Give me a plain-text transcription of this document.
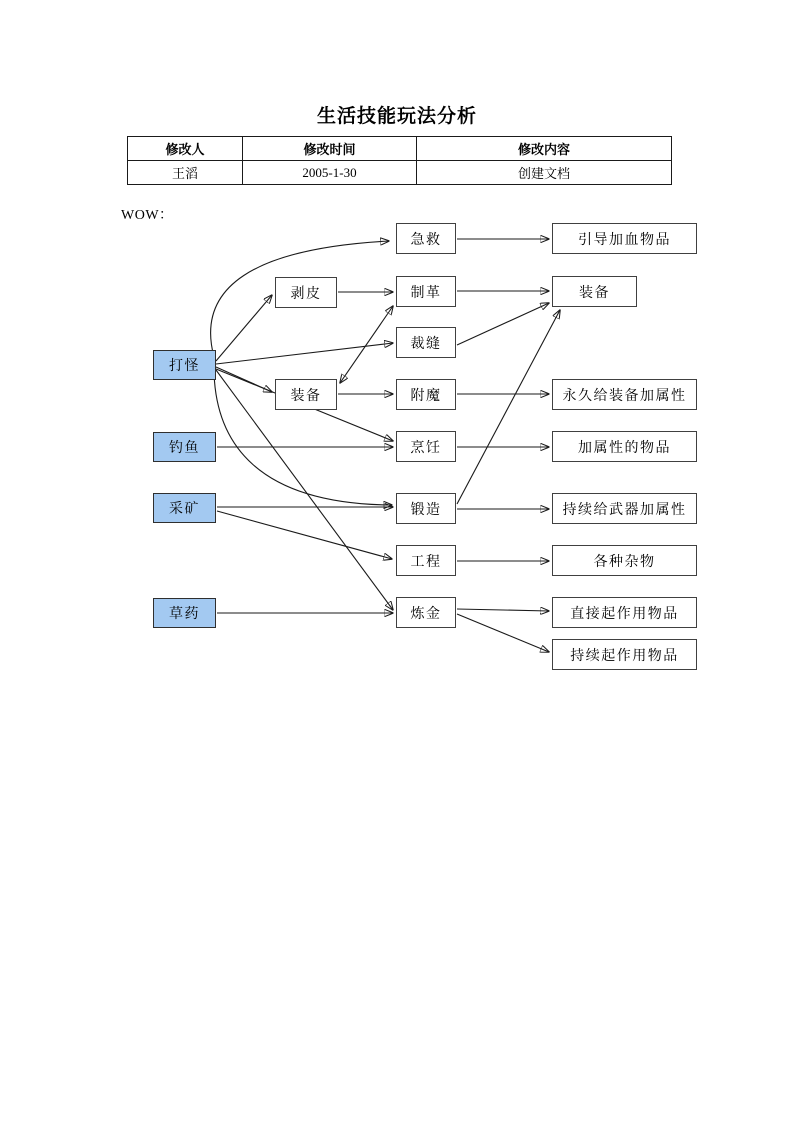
生活技能玩法分析
修改人	修改时间	修改内容
王滔	2005-1-30	创建文档
WOW：
打怪
钓鱼
采矿
草药
剥皮
装备
急救
制革
裁缝
附魔
烹饪
锻造
工程
炼金
引导加血物品
装备
永久给装备加属性
加属性的物品
持续给武器加属性
各种杂物
直接起作用物品
持续起作用物品
